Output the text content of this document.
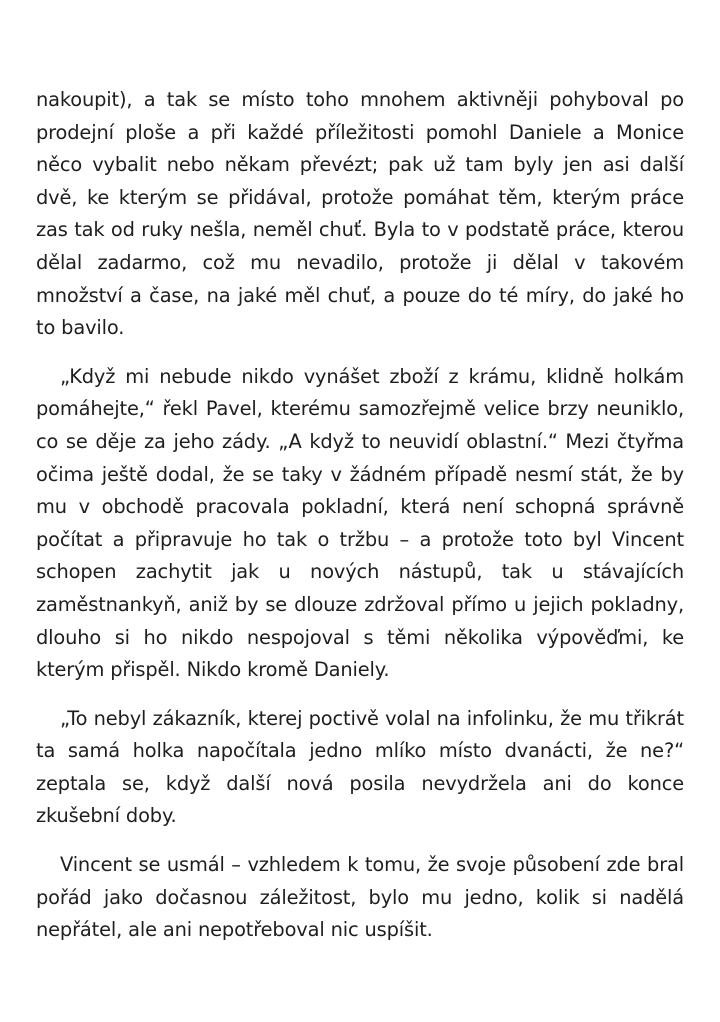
nakoupit), a tak se místo toho mnohem aktivněji pohyboval po prodejní ploše a při každé příležitosti pomohl Daniele a Monice něco vybalit nebo někam převézt; pak už tam byly jen asi další dvě, ke kterým se přidával, protože pomáhat těm, kterým práce zas tak od ruky nešla, neměl chuť. Byla to v podstatě práce, kterou dělal zadarmo, což mu nevadilo, protože ji dělal v takovém množství a čase, na jaké měl chuť, a pouze do té míry, do jaké ho to bavilo.

„Když mi nebude nikdo vynášet zboží z krámu, klidně holkám pomáhejte,“ řekl Pavel, kterému samozřejmě velice brzy neuniklo, co se děje za jeho zády. „A když to neuvidí oblastní.“ Mezi čtyřma očima ještě dodal, že se taky v žádném případě nesmí stát, že by mu v obchodě pracovala pokladní, která není schopná správně počítat a připravuje ho tak o tržbu – a protože toto byl Vincent schopen zachytit jak u nových nástupů, tak u stávajících zaměstnankyň, aniž by se dlouze zdržoval přímo u jejich pokladny, dlouho si ho nikdo nespojoval s těmi několika výpověďmi, ke kterým přispěl. Nikdo kromě Daniely.

„To nebyl zákazník, kterej poctivě volal na infolinku, že mu třikrát ta samá holka napočítala jedno mlíko místo dvanácti, že ne?“ zeptala se, když další nová posila nevydržela ani do konce zkušební doby.

Vincent se usmál – vzhledem k tomu, že svoje působení zde bral pořád jako dočasnou záležitost, bylo mu jedno, kolik si nadělá nepřátel, ale ani nepotřeboval nic uspíšit.
